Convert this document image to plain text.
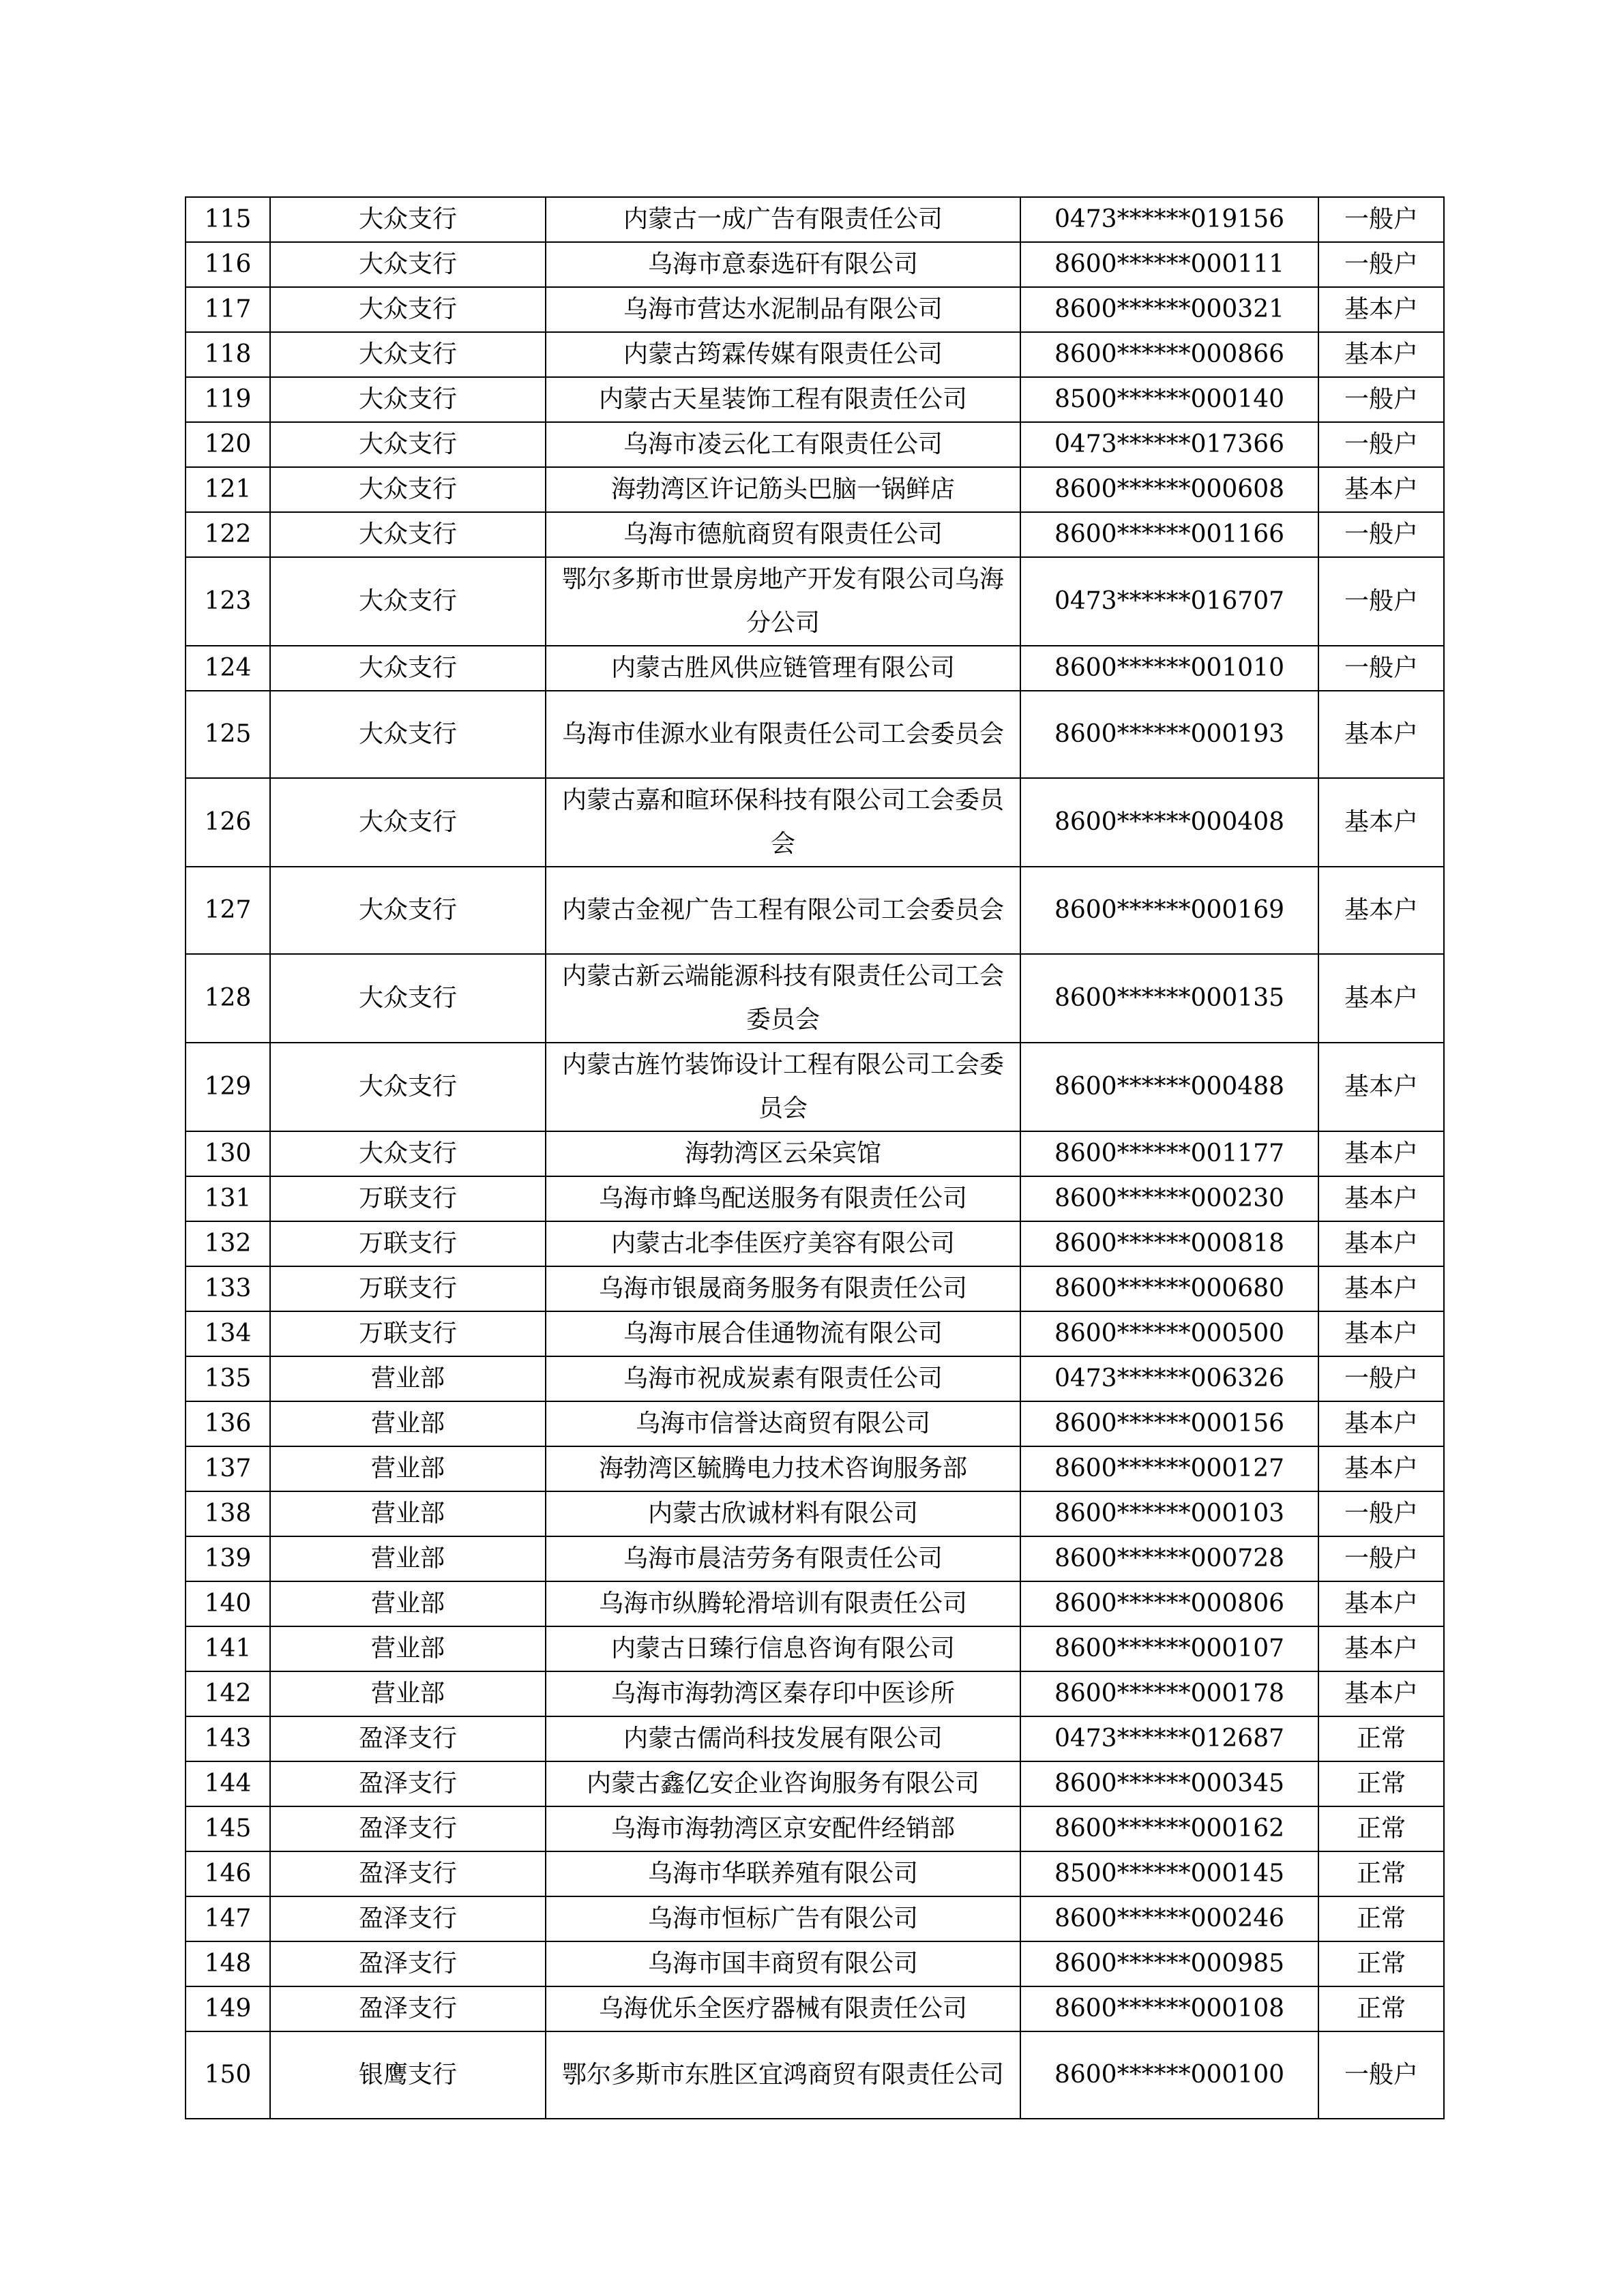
115	大众支行	内蒙古一成广告有限责任公司	0473******019156	一般户
116	大众支行	乌海市意泰选矸有限公司	8600******000111	一般户
117	大众支行	乌海市营达水泥制品有限公司	8600******000321	基本户
118	大众支行	内蒙古筠霖传媒有限责任公司	8600******000866	基本户
119	大众支行	内蒙古天星装饰工程有限责任公司	8500******000140	一般户
120	大众支行	乌海市凌云化工有限责任公司	0473******017366	一般户
121	大众支行	海勃湾区许记筋头巴脑一锅鲜店	8600******000608	基本户
122	大众支行	乌海市德航商贸有限责任公司	8600******001166	一般户
123	大众支行	鄂尔多斯市世景房地产开发有限公司乌海分公司	0473******016707	一般户
124	大众支行	内蒙古胜风供应链管理有限公司	8600******001010	一般户
125	大众支行	乌海市佳源水业有限责任公司工会委员会	8600******000193	基本户
126	大众支行	内蒙古嘉和暄环保科技有限公司工会委员会	8600******000408	基本户
127	大众支行	内蒙古金视广告工程有限公司工会委员会	8600******000169	基本户
128	大众支行	内蒙古新云端能源科技有限责任公司工会委员会	8600******000135	基本户
129	大众支行	内蒙古旌竹装饰设计工程有限公司工会委员会	8600******000488	基本户
130	大众支行	海勃湾区云朵宾馆	8600******001177	基本户
131	万联支行	乌海市蜂鸟配送服务有限责任公司	8600******000230	基本户
132	万联支行	内蒙古北李佳医疗美容有限公司	8600******000818	基本户
133	万联支行	乌海市银晟商务服务有限责任公司	8600******000680	基本户
134	万联支行	乌海市展合佳通物流有限公司	8600******000500	基本户
135	营业部	乌海市祝成炭素有限责任公司	0473******006326	一般户
136	营业部	乌海市信誉达商贸有限公司	8600******000156	基本户
137	营业部	海勃湾区毓腾电力技术咨询服务部	8600******000127	基本户
138	营业部	内蒙古欣诚材料有限公司	8600******000103	一般户
139	营业部	乌海市晨洁劳务有限责任公司	8600******000728	一般户
140	营业部	乌海市纵腾轮滑培训有限责任公司	8600******000806	基本户
141	营业部	内蒙古日臻行信息咨询有限公司	8600******000107	基本户
142	营业部	乌海市海勃湾区秦存印中医诊所	8600******000178	基本户
143	盈泽支行	内蒙古儒尚科技发展有限公司	0473******012687	正常
144	盈泽支行	内蒙古鑫亿安企业咨询服务有限公司	8600******000345	正常
145	盈泽支行	乌海市海勃湾区京安配件经销部	8600******000162	正常
146	盈泽支行	乌海市华联养殖有限公司	8500******000145	正常
147	盈泽支行	乌海市恒标广告有限公司	8600******000246	正常
148	盈泽支行	乌海市国丰商贸有限公司	8600******000985	正常
149	盈泽支行	乌海优乐全医疗器械有限责任公司	8600******000108	正常
150	银鹰支行	鄂尔多斯市东胜区宜鸿商贸有限责任公司	8600******000100	一般户
